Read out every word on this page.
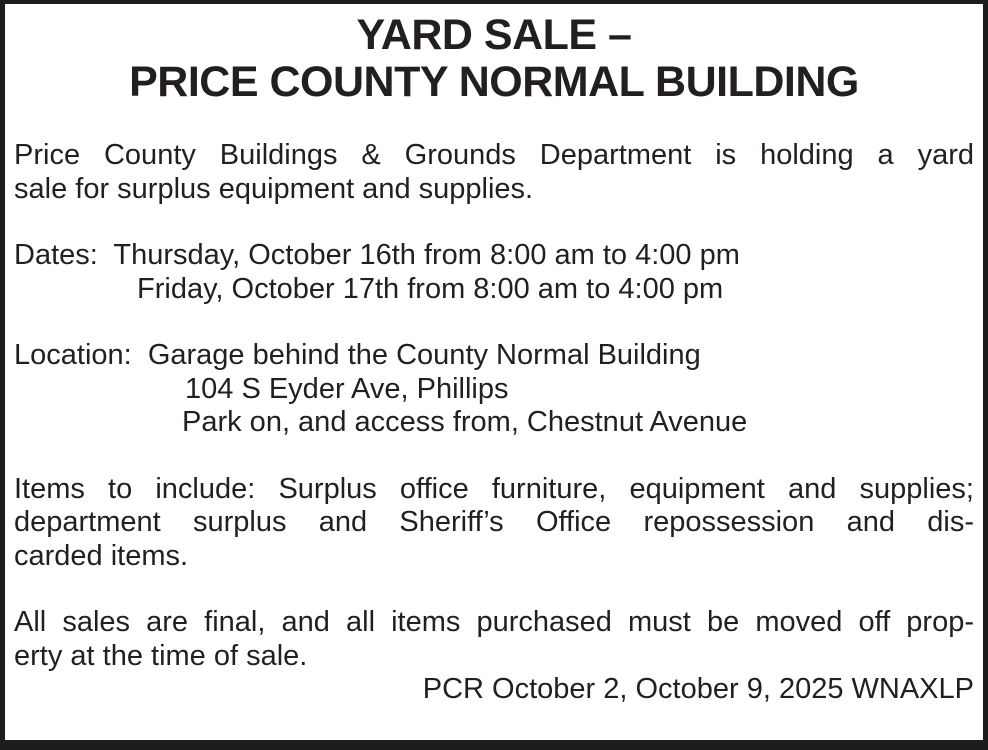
YARD SALE –
PRICE COUNTY NORMAL BUILDING
Price County Buildings & Grounds Department is holding a yard
sale for surplus equipment and supplies.
Dates:  Thursday, October 16th from 8:00 am to 4:00 pm
Friday, October 17th from 8:00 am to 4:00 pm
Location:  Garage behind the County Normal Building
104 S Eyder Ave, Phillips
Park on, and access from, Chestnut Avenue
Items to include: Surplus office furniture, equipment and supplies;
department surplus and Sheriff’s Office repossession and dis-
carded items.
All sales are final, and all items purchased must be moved off prop-
erty at the time of sale.
PCR October 2, October 9, 2025 WNAXLP
